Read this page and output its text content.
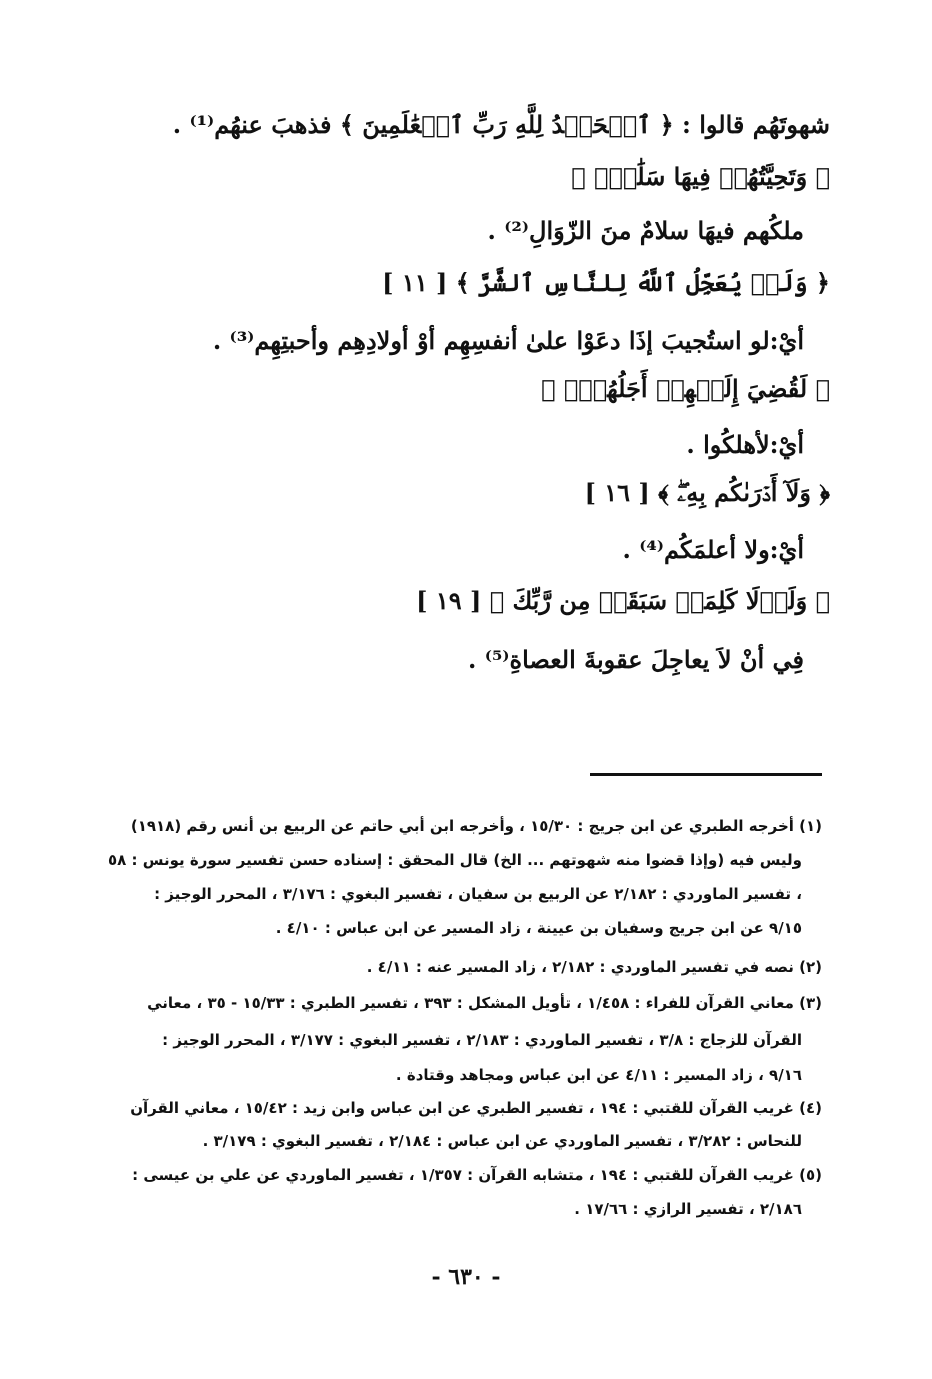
شهوتَهُم قالوا : ﴿ ٱلۡحَمۡدُ لِلَّهِ رَبِّ ٱلۡعَٰلَمِينَ ﴾ فذهبَ عنهُم⁽¹⁾ .
﴿ وَتَحِيَّتُهُمۡ فِيهَا سَلَٰمٞۚ ﴾
ملكُهم فيهَا سلامٌ منَ الزّوَالِ⁽²⁾ .
﴿ وَلَوۡ يُعَجِّلُ ٱللَّهُ لِلنَّاسِ ٱلشَّرَّ ﴾ [ ١١ ]
أيْ:لو استُجيبَ إذَا دعَوْا علىٰ أنفسِهِم أوْ أولادِهِم وأحبتِهِم⁽³⁾ .
﴿ لَقُضِيَ إِلَيۡهِمۡ أَجَلُهُمۡۖ ﴾
أيْ:لأهلكُوا .
﴿ وَلَآ أَدۡرَىٰكُم بِهِۦۖ ﴾ [ ١٦ ]
أيْ:ولا أعلمَكُم⁽⁴⁾ .
﴿ وَلَوۡلَا كَلِمَةٞ سَبَقَتۡ مِن رَّبِّكَ ﴾ [ ١٩ ]
فِي أنْ لاَ يعاجِلَ عقوبةَ العصاةِ⁽⁵⁾ .
(١) أخرجه الطبري عن ابن جريج : ١٥/٣٠ ، وأخرجه ابن أبي حاتم عن الربيع بن أنس رقم (١٩١٨)
وليس فيه (وإذا قضوا منه شهوتهم ... الخ) قال المحقق : إسناده حسن تفسير سورة يونس : ٥٨
، تفسير الماوردي : ٢/١٨٢ عن الربيع بن سفيان ، تفسير البغوي : ٣/١٧٦ ، المحرر الوجيز :
٩/١٥ عن ابن جريج وسفيان بن عيينة ، زاد المسير عن ابن عباس : ٤/١٠ .
(٢) نصه في تفسير الماوردي : ٢/١٨٢ ، زاد المسير عنه : ٤/١١ .
(٣) معاني القرآن للفراء : ١/٤٥٨ ، تأويل المشكل : ٣٩٣ ، تفسير الطبري : ١٥/٣٣ - ٣٥ ، معاني
القرآن للزجاج : ٣/٨ ، تفسير الماوردي : ٢/١٨٣ ، تفسير البغوي : ٣/١٧٧ ، المحرر الوجيز :
٩/١٦ ، زاد المسير : ٤/١١ عن ابن عباس ومجاهد وقتادة .
(٤) غريب القرآن للقتبي : ١٩٤ ، تفسير الطبري عن ابن عباس وابن زيد : ١٥/٤٢ ، معاني القرآن
للنحاس : ٣/٢٨٢ ، تفسير الماوردي عن ابن عباس : ٢/١٨٤ ، تفسير البغوي : ٣/١٧٩ .
(٥) غريب القرآن للقتبي : ١٩٤ ، متشابه القرآن : ١/٣٥٧ ، تفسير الماوردي عن علي بن عيسى :
٢/١٨٦ ، تفسير الرازي : ١٧/٦٦ .
- ٦٣٠ -
